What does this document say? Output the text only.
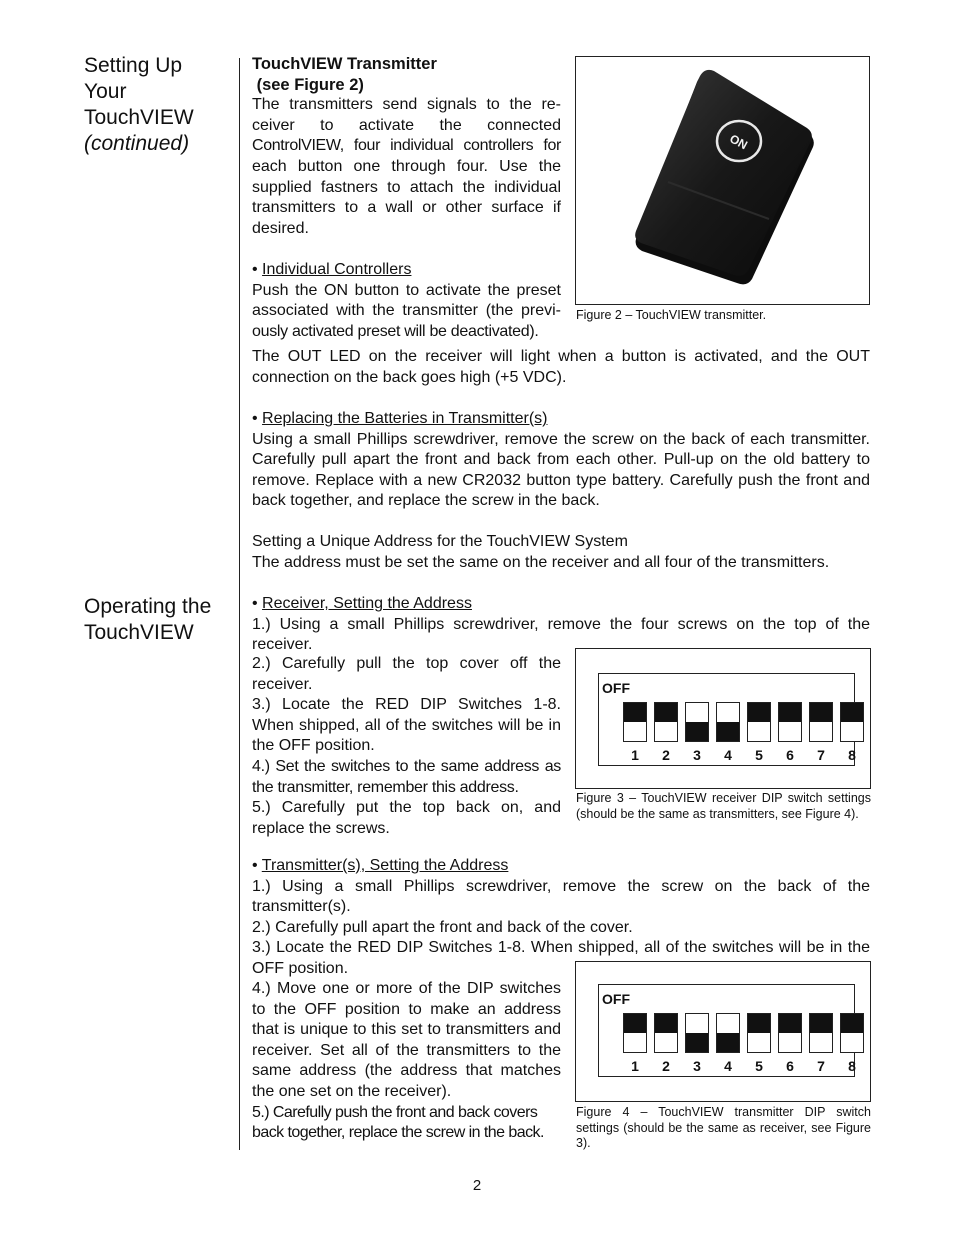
Setting Up
Your
TouchVIEW
(continued)
Operating the
TouchVIEW
TouchVIEW Transmitter
(see Figure 2)
The transmitters send signals to the re-
ceiver to activate the connected
ControlVIEW, four individual controllers for
each button one through four. Use the
supplied fastners to attach the individual
transmitters to a wall or other surface if
desired.
• Individual Controllers
Push the ON button to activate the preset
associated with the transmitter (the previ-
ously activated preset will be deactivated).
ON
Figure 2 – TouchVIEW transmitter.
The OUT LED on the receiver will light when a button is activated, and the OUT connection on the back goes high (+5 VDC).
• Replacing the Batteries in Transmitter(s)
Using a small Phillips screwdriver, remove the screw on the back of each transmitter. Carefully pull apart the front and back from each other. Pull-up on the old battery to remove. Replace with a new CR2032 button type battery. Carefully push the front and back together, and replace the screw in the back.
Setting a Unique Address for the TouchVIEW System
The address must be set the same on the receiver and all four of the transmitters.
• Receiver, Setting the Address
1.) Using a small Phillips screwdriver, remove the four screws on the top of the receiver.
2.) Carefully pull the top cover off the receiver.
3.) Locate the RED DIP Switches 1-8. When shipped, all of the switches will be in the OFF position.
4.) Set the switches to the same address as the transmitter, remember this address.
5.) Carefully put the top back on, and replace the screws.
OFF
1	2	3	4	5	6	7	8
Figure 3 – TouchVIEW receiver DIP switch settings (should be the same as transmitters, see Figure 4).
• Transmitter(s), Setting the Address
1.) Using a small Phillips screwdriver, remove the screw on the back of the transmitter(s).
2.) Carefully pull apart the front and back of the cover.
3.) Locate the RED DIP Switches 1-8. When shipped, all of the switches will be in the OFF position.
4.) Move one or more of the DIP switches to the OFF position to make an address that is unique to this set to transmitters and receiver. Set all of the transmitters to the same address (the address that matches the one set on the receiver).
5.) Carefully push the front and back covers back together, replace the screw in the back.
OFF
1	2	3	4	5	6	7	8
Figure 4 – TouchVIEW transmitter DIP switch settings (should be the same as receiver, see Figure 3).
2
